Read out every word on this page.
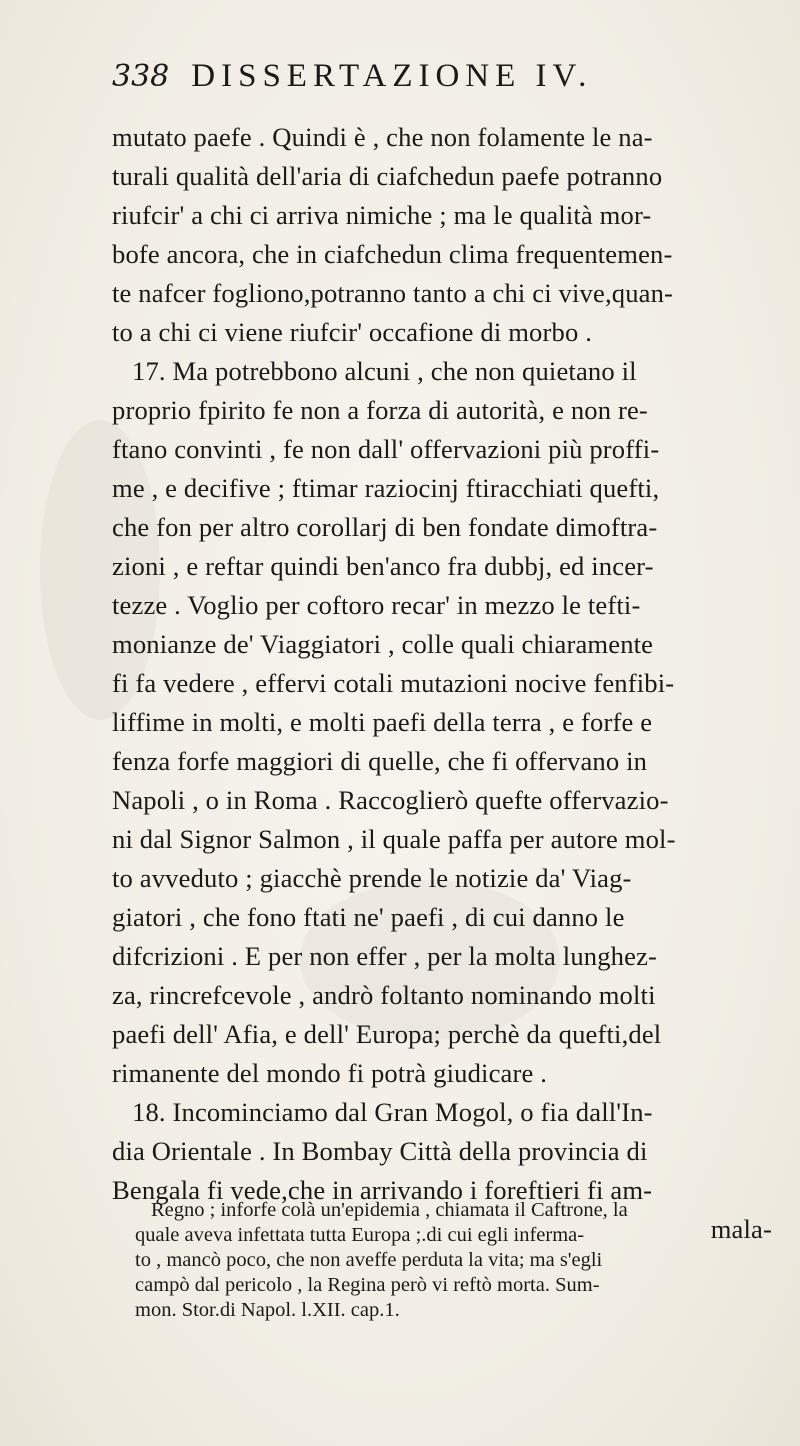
338 DISSERTAZIONE IV.
mutato paefe . Quindi è , che non folamente le na-
turali qualità dell'aria di ciafchedun paefe potranno
riufcir' a chi ci arriva nimiche ; ma le qualità mor-
bofe ancora, che in ciafchedun clima frequentemen-
te nafcer fogliono,potranno tanto a chi ci vive,quan-
to a chi ci viene riufcir' occafione di morbo .
17. Ma potrebbono alcuni , che non quietano il
proprio fpirito fe non a forza di autorità, e non re-
ftano convinti , fe non dall' offervazioni più proffi-
me , e decifive ; ftimar raziocinj ftiracchiati quefti,
che fon per altro corollarj di ben fondate dimoftra-
zioni , e reftar quindi ben'anco fra dubbj, ed incer-
tezze . Voglio per coftoro recar' in mezzo le tefti-
monianze de' Viaggiatori , colle quali chiaramente
fi fa vedere , effervi cotali mutazioni nocive fenfibi-
liffime in molti, e molti paefi della terra , e forfe e
fenza forfe maggiori di quelle, che fi offervano in
Napoli , o in Roma . Raccoglierò quefte offervazio-
ni dal Signor Salmon , il quale paffa per autore mol-
to avveduto ; giacchè prende le notizie da' Viag-
giatori , che fono ftati ne' paefi , di cui danno le
difcrizioni . E per non effer , per la molta lunghez-
za, rincrefcevole , andrò foltanto nominando molti
paefi dell' Afia, e dell' Europa; perchè da quefti,del
rimanente del mondo fi potrà giudicare .
18. Incominciamo dal Gran Mogol, o fia dall'In-
dia Orientale . In Bombay Città della provincia di
Bengala fi vede,che in arrivando i foreftieri fi am-
mala-
Regno ; inforfe colà un'epidemia , chiamata il Caftrone, la
quale aveva infettata tutta Europa ;.di cui egli inferma-
to , mancò poco, che non aveffe perduta la vita; ma s'egli
campò dal pericolo , la Regina però vi reftò morta. Sum-
mon. Stor.di Napol. l.XII. cap.1.
